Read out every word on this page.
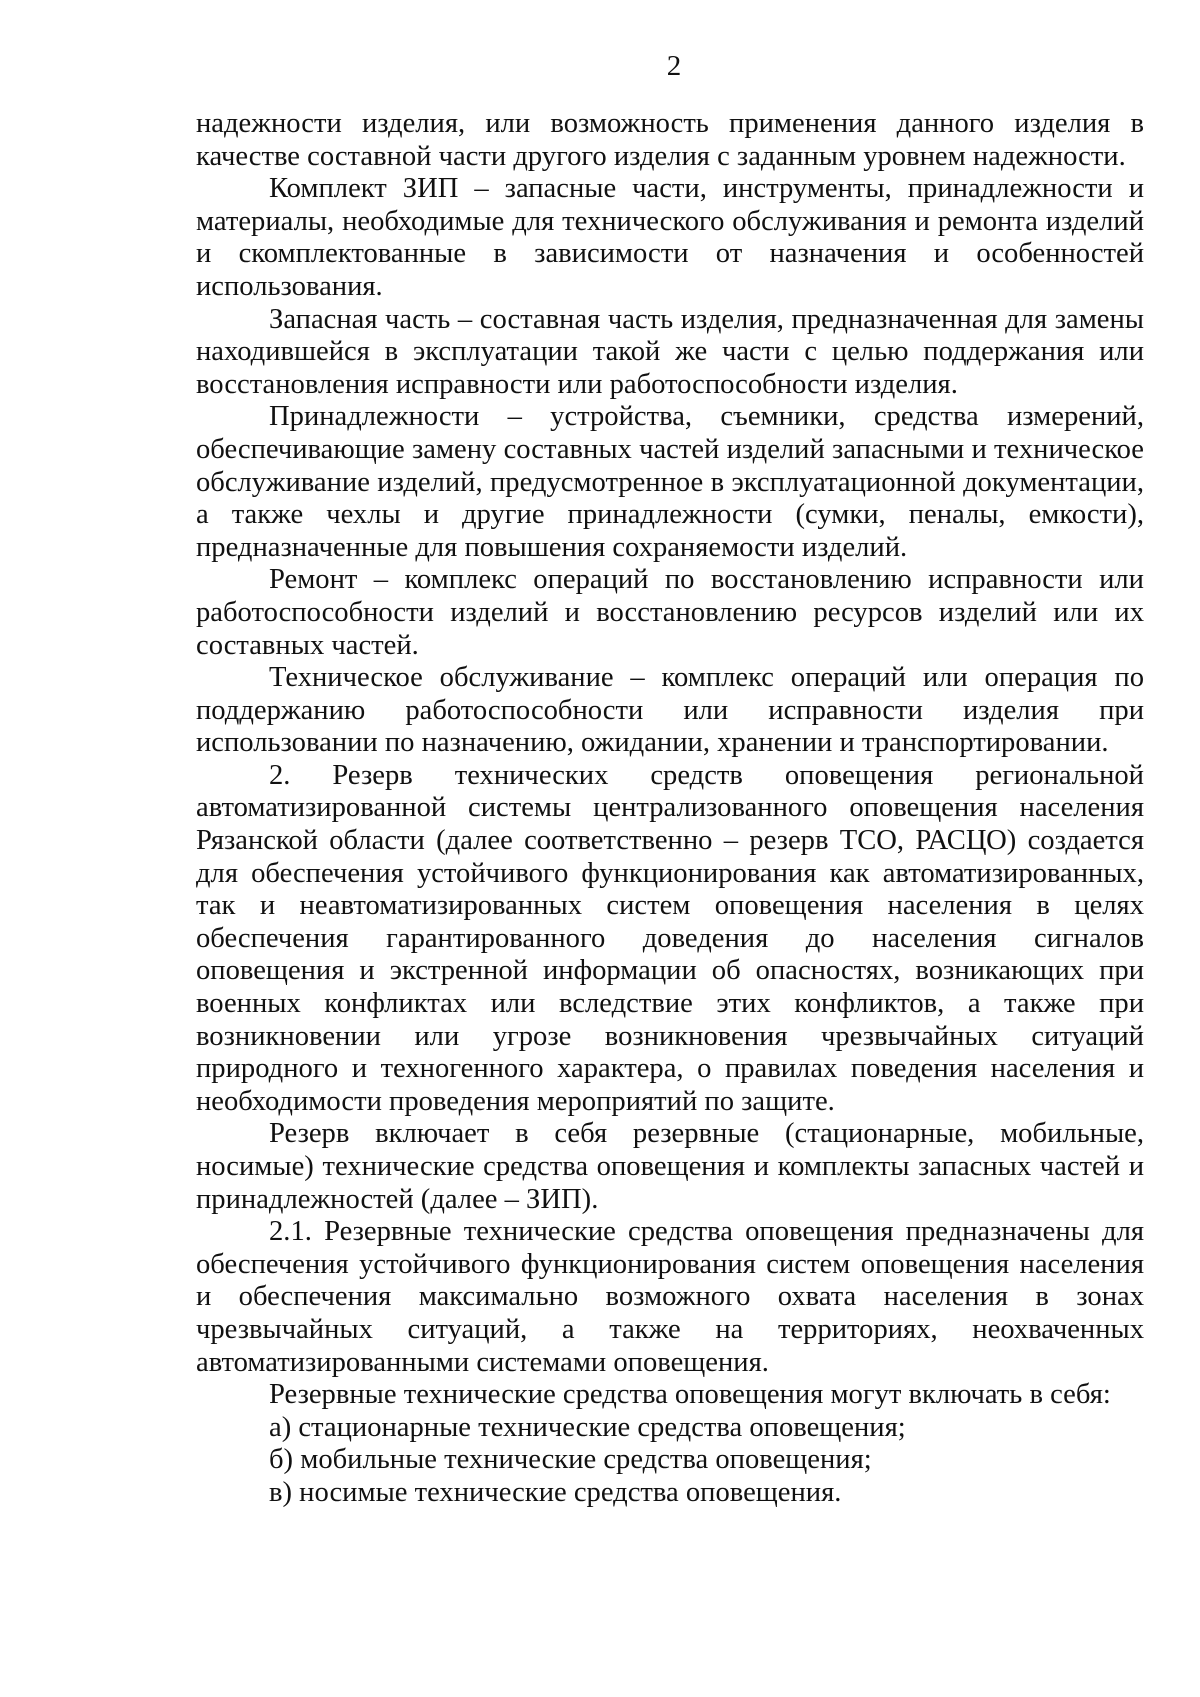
2

надежности изделия, или возможность применения данного изделия в качестве составной части другого изделия с заданным уровнем надежности.

Комплект ЗИП – запасные части, инструменты, принадлежности и материалы, необходимые для технического обслуживания и ремонта изделий и скомплектованные в зависимости от назначения и особенностей использования.

Запасная часть – составная часть изделия, предназначенная для замены находившейся в эксплуатации такой же части с целью поддержания или восстановления исправности или работоспособности изделия.

Принадлежности – устройства, съемники, средства измерений, обеспечивающие замену составных частей изделий запасными и техническое обслуживание изделий, предусмотренное в эксплуатационной документации, а также чехлы и другие принадлежности (сумки, пеналы, емкости), предназначенные для повышения сохраняемости изделий.

Ремонт – комплекс операций по восстановлению исправности или работоспособности изделий и восстановлению ресурсов изделий или их составных частей.

Техническое обслуживание – комплекс операций или операция по поддержанию работоспособности или исправности изделия при использовании по назначению, ожидании, хранении и транспортировании.

2. Резерв технических средств оповещения региональной автоматизированной системы централизованного оповещения населения Рязанской области (далее соответственно – резерв ТСО, РАСЦО) создается для обеспечения устойчивого функционирования как автоматизированных, так и неавтоматизированных систем оповещения населения в целях обеспечения гарантированного доведения до населения сигналов оповещения и экстренной информации об опасностях, возникающих при военных конфликтах или вследствие этих конфликтов, а также при возникновении или угрозе возникновения чрезвычайных ситуаций природного и техногенного характера, о правилах поведения населения и необходимости проведения мероприятий по защите.

Резерв включает в себя резервные (стационарные, мобильные, носимые) технические средства оповещения и комплекты запасных частей и принадлежностей (далее – ЗИП).

2.1. Резервные технические средства оповещения предназначены для обеспечения устойчивого функционирования систем оповещения населения и обеспечения максимально возможного охвата населения в зонах чрезвычайных ситуаций, а также на территориях, неохваченных автоматизированными системами оповещения.

Резервные технические средства оповещения могут включать в себя:

а) стационарные технические средства оповещения;

б) мобильные технические средства оповещения;

в) носимые технические средства оповещения.
